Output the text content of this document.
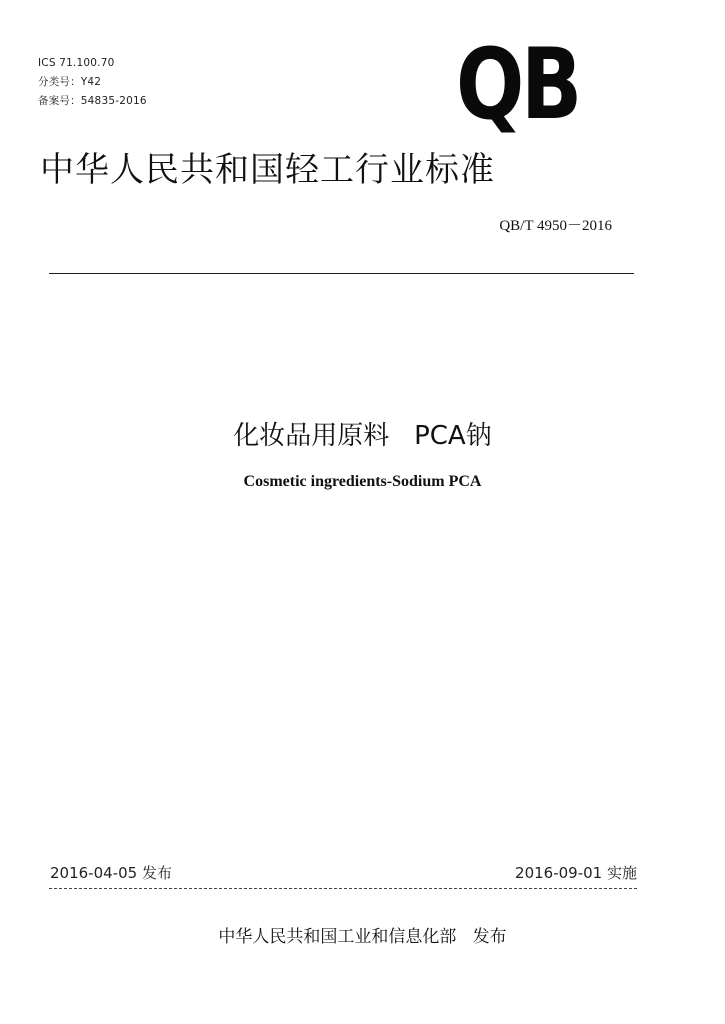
ICS 71.100.70
分类号：Y42
备案号：54835-2016	QB
中华人民共和国轻工行业标准
QB/T 4950－2016
化妆品用原料   PCA钠
Cosmetic ingredients-Sodium PCA
2016-04-05 发布	2016-09-01 实施
中华人民共和国工业和信息化部   发布
